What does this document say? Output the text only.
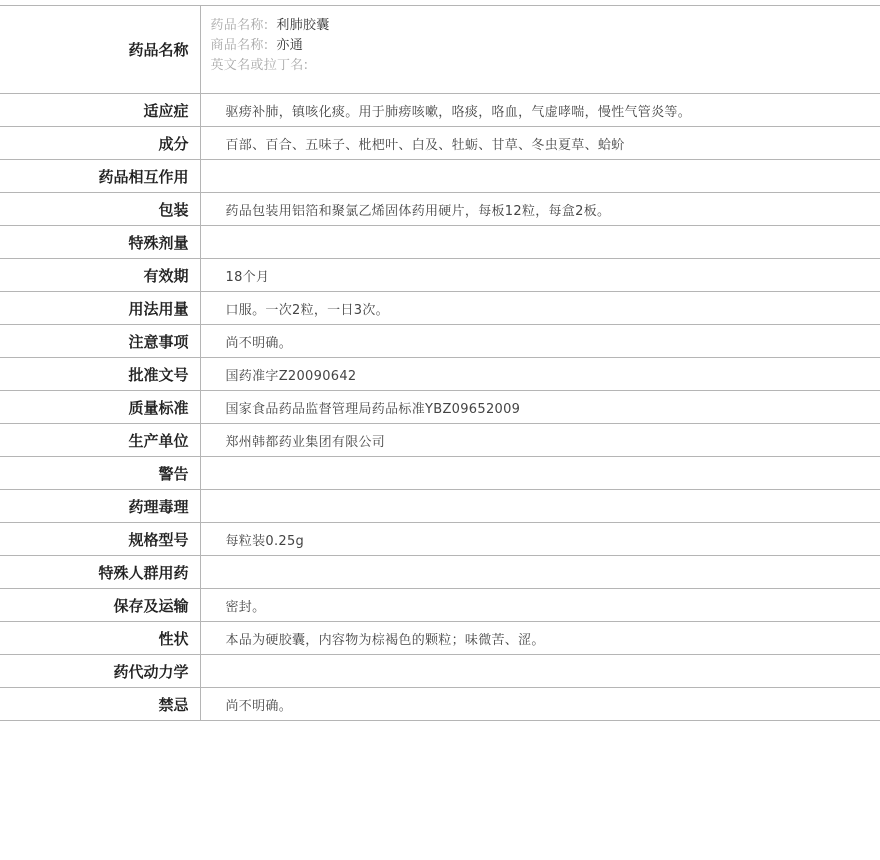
药品名称	药品名称: 利肺胶囊
商品名称: 亦通
英文名或拉丁名:

适应症	驱痨补肺，镇咳化痰。用于肺痨咳嗽，咯痰，咯血，气虚哮喘，慢性气管炎等。
成分	百部、百合、五味子、枇杷叶、白及、牡蛎、甘草、冬虫夏草、蛤蚧
药品相互作用	
包装	药品包装用铝箔和聚氯乙烯固体药用硬片，每板12粒，每盒2板。
特殊剂量	
有效期	18个月
用法用量	口服。一次2粒，一日3次。
注意事项	尚不明确。
批准文号	国药准字Z20090642
质量标准	国家食品药品监督管理局药品标准YBZ09652009
生产单位	郑州韩都药业集团有限公司
警告	
药理毒理	
规格型号	每粒装0.25g
特殊人群用药	
保存及运输	密封。
性状	本品为硬胶囊，内容物为棕褐色的颗粒；味微苦、涩。
药代动力学	
禁忌	尚不明确。
